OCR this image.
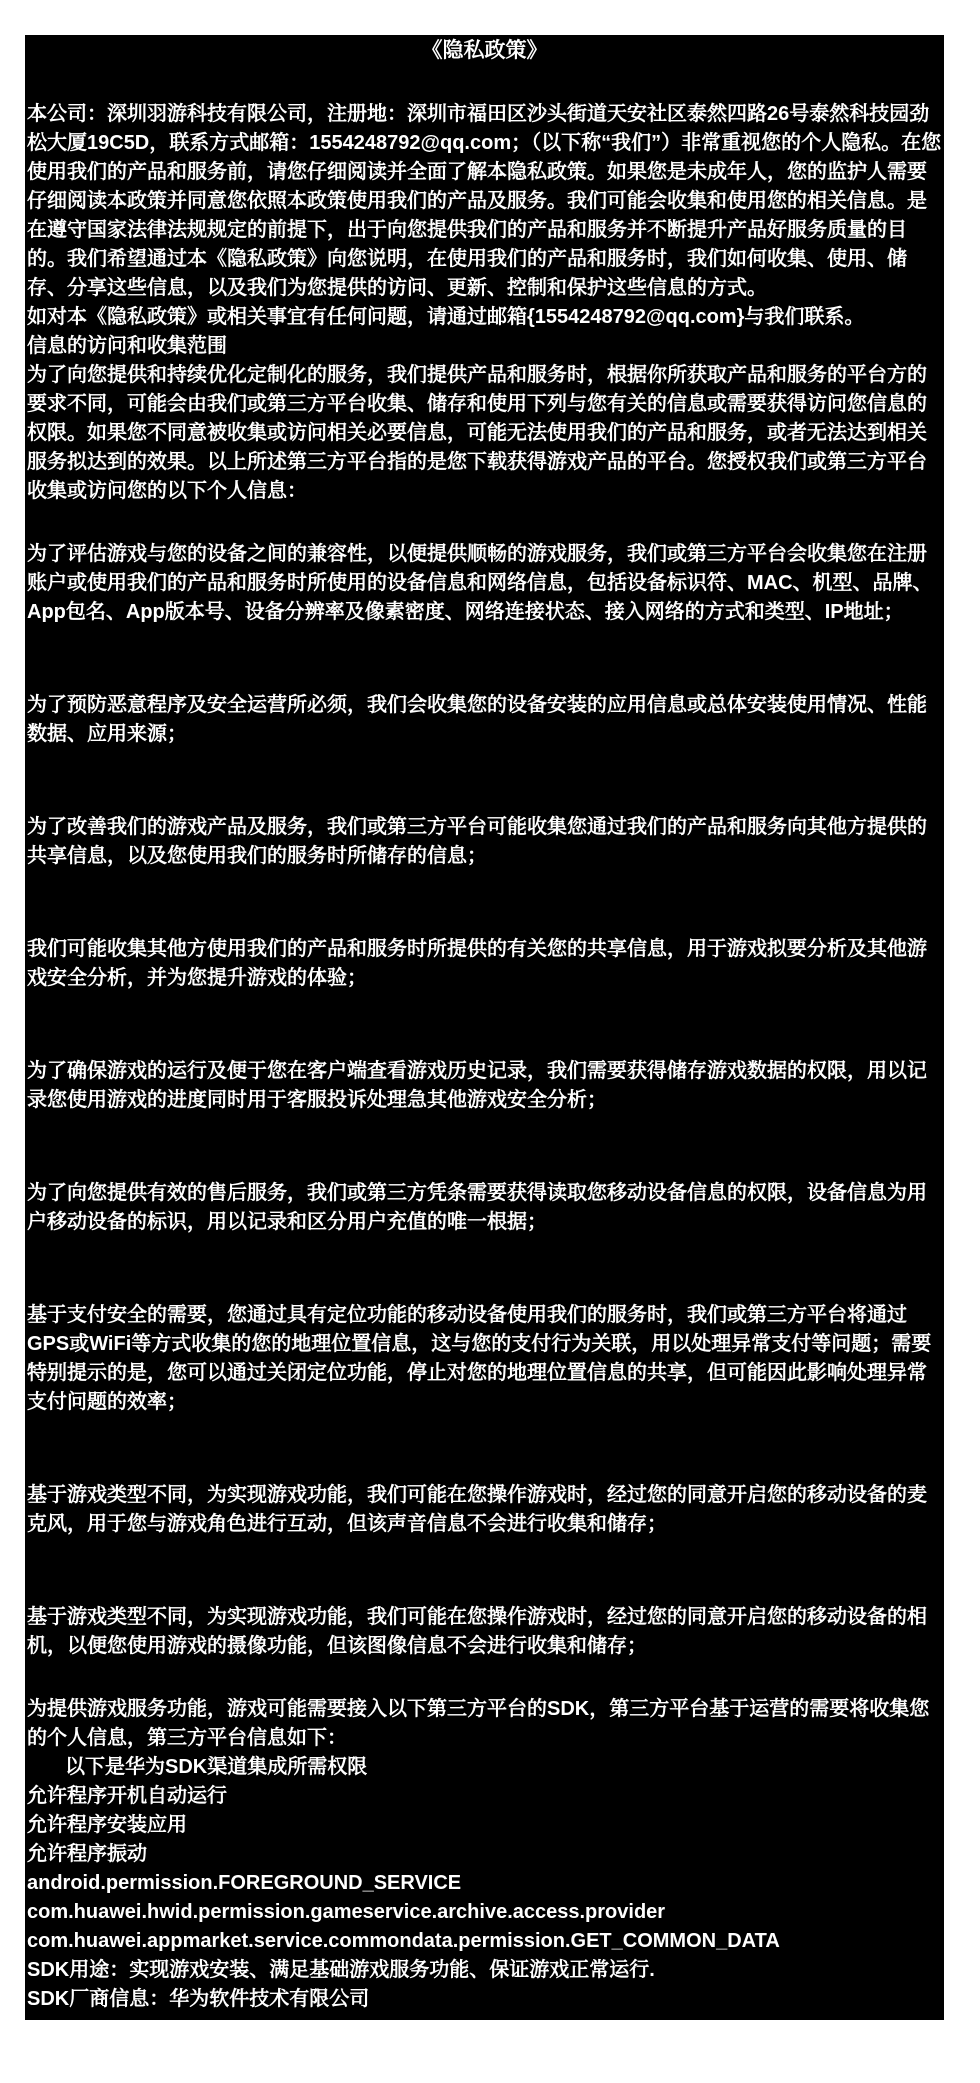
《隐私政策》
本公司：深圳羽游科技有限公司，注册地：深圳市福田区沙头街道天安社区泰然四路26号泰然科技园劲松大厦19C5D，联系方式邮箱：1554248792@qq.com；（以下称“我们”）非常重视您的个人隐私。在您使用我们的产品和服务前，请您仔细阅读并全面了解本隐私政策。如果您是未成年人，您的监护人需要仔细阅读本政策并同意您依照本政策使用我们的产品及服务。我们可能会收集和使用您的相关信息。是在遵守国家法律法规规定的前提下，出于向您提供我们的产品和服务并不断提升产品好服务质量的目的。我们希望通过本《隐私政策》向您说明，在使用我们的产品和服务时，我们如何收集、使用、储存、分享这些信息，以及我们为您提供的访问、更新、控制和保护这些信息的方式。
如对本《隐私政策》或相关事宜有任何问题，请通过邮箱{1554248792@qq.com}与我们联系。
信息的访问和收集范围
为了向您提供和持续优化定制化的服务，我们提供产品和服务时，根据你所获取产品和服务的平台方的要求不同，可能会由我们或第三方平台收集、储存和使用下列与您有关的信息或需要获得访问您信息的权限。如果您不同意被收集或访问相关必要信息，可能无法使用我们的产品和服务，或者无法达到相关服务拟达到的效果。以上所述第三方平台指的是您下载获得游戏产品的平台。您授权我们或第三方平台收集或访问您的以下个人信息：
为了评估游戏与您的设备之间的兼容性，以便提供顺畅的游戏服务，我们或第三方平台会收集您在注册账户或使用我们的产品和服务时所使用的设备信息和网络信息，包括设备标识符、MAC、机型、品牌、App包名、App版本号、设备分辨率及像素密度、网络连接状态、接入网络的方式和类型、IP地址；
为了预防恶意程序及安全运营所必须，我们会收集您的设备安装的应用信息或总体安装使用情况、性能数据、应用来源；
为了改善我们的游戏产品及服务，我们或第三方平台可能收集您通过我们的产品和服务向其他方提供的共享信息，以及您使用我们的服务时所储存的信息；
我们可能收集其他方使用我们的产品和服务时所提供的有关您的共享信息，用于游戏拟要分析及其他游戏安全分析，并为您提升游戏的体验；
为了确保游戏的运行及便于您在客户端查看游戏历史记录，我们需要获得储存游戏数据的权限，用以记录您使用游戏的进度同时用于客服投诉处理急其他游戏安全分析；
为了向您提供有效的售后服务，我们或第三方凭条需要获得读取您移动设备信息的权限，设备信息为用户移动设备的标识，用以记录和区分用户充值的唯一根据；
基于支付安全的需要，您通过具有定位功能的移动设备使用我们的服务时，我们或第三方平台将通过GPS或WiFi等方式收集的您的地理位置信息，这与您的支付行为关联，用以处理异常支付等问题；需要特别提示的是，您可以通过关闭定位功能，停止对您的地理位置信息的共享，但可能因此影响处理异常支付问题的效率；
基于游戏类型不同，为实现游戏功能，我们可能在您操作游戏时，经过您的同意开启您的移动设备的麦克风，用于您与游戏角色进行互动，但该声音信息不会进行收集和储存；
基于游戏类型不同，为实现游戏功能，我们可能在您操作游戏时，经过您的同意开启您的移动设备的相机，以便您使用游戏的摄像功能，但该图像信息不会进行收集和储存；
为提供游戏服务功能，游戏可能需要接入以下第三方平台的SDK，第三方平台基于运营的需要将收集您的个人信息，第三方平台信息如下：
以下是华为SDK渠道集成所需权限
允许程序开机自动运行
允许程序安装应用
允许程序振动
android.permission.FOREGROUND_SERVICE
com.huawei.hwid.permission.gameservice.archive.access.provider
com.huawei.appmarket.service.commondata.permission.GET_COMMON_DATA
SDK用途：实现游戏安装、满足基础游戏服务功能、保证游戏正常运行.
SDK厂商信息：华为软件技术有限公司
